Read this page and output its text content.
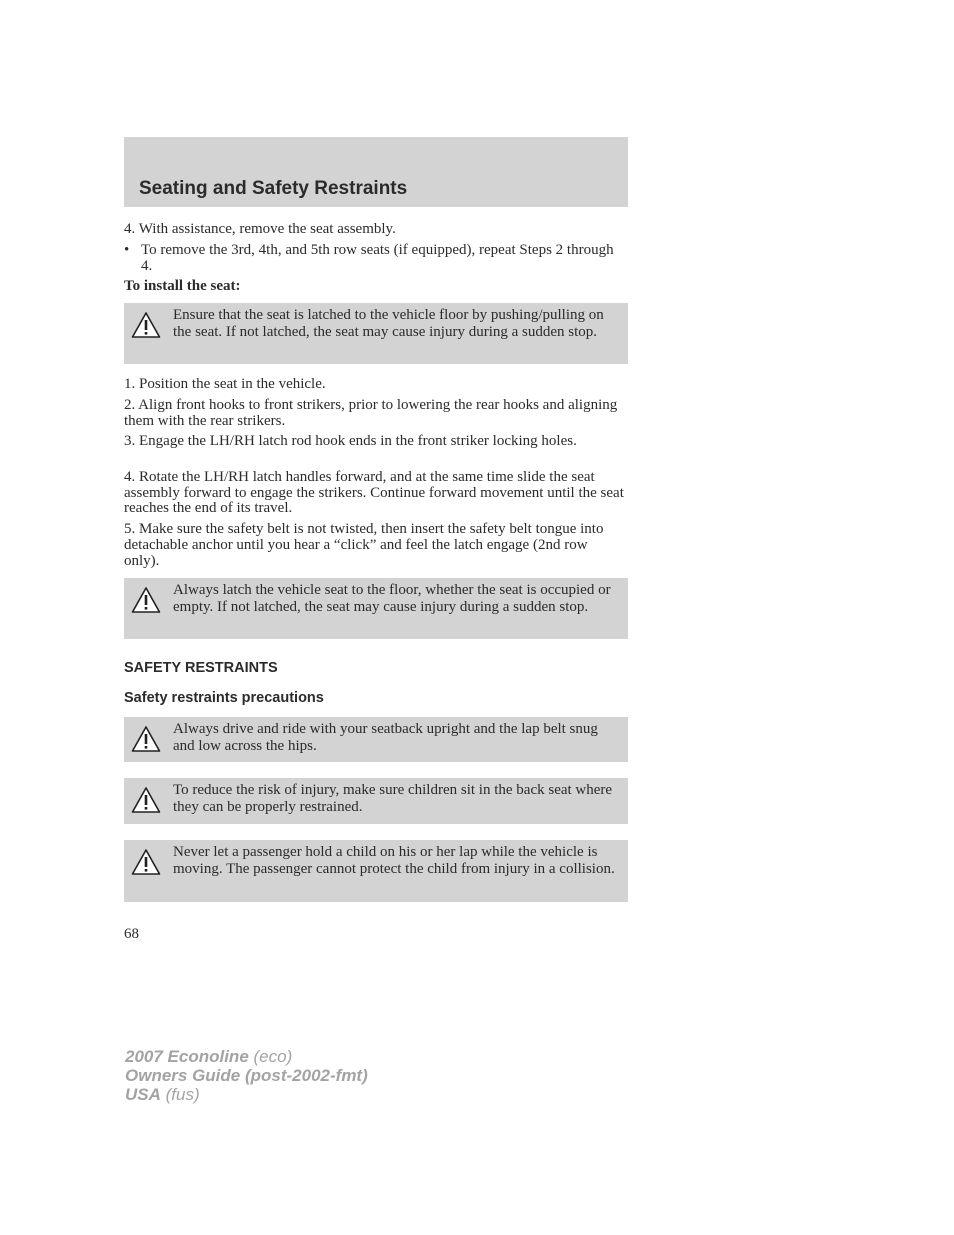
Seating and Safety Restraints

4. With assistance, remove the seat assembly.

• To remove the 3rd, 4th, and 5th row seats (if equipped), repeat Steps 2 through 4.

To install the seat:

Ensure that the seat is latched to the vehicle floor by pushing/pulling on the seat. If not latched, the seat may cause injury during a sudden stop.

1. Position the seat in the vehicle.

2. Align front hooks to front strikers, prior to lowering the rear hooks and aligning them with the rear strikers.

3. Engage the LH/RH latch rod hook ends in the front striker locking holes.

4. Rotate the LH/RH latch handles forward, and at the same time slide the seat assembly forward to engage the strikers. Continue forward movement until the seat reaches the end of its travel.

5. Make sure the safety belt is not twisted, then insert the safety belt tongue into detachable anchor until you hear a “click” and feel the latch engage (2nd row only).

Always latch the vehicle seat to the floor, whether the seat is occupied or empty. If not latched, the seat may cause injury during a sudden stop.

SAFETY RESTRAINTS
Safety restraints precautions

Always drive and ride with your seatback upright and the lap belt snug and low across the hips.

To reduce the risk of injury, make sure children sit in the back seat where they can be properly restrained.

Never let a passenger hold a child on his or her lap while the vehicle is moving. The passenger cannot protect the child from injury in a collision.

68

2007 Econoline (eco)
Owners Guide (post-2002-fmt)
USA (fus)
